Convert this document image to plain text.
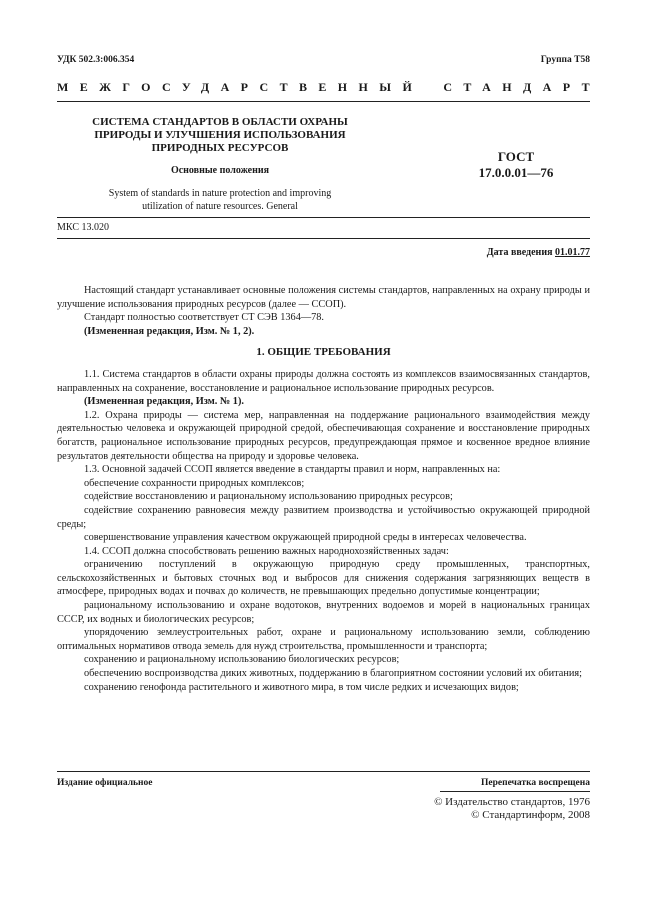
УДК 502.3:006.354	Группа Т58
МЕЖГОСУДАРСТВЕННЫЙ СТАНДАРТ
СИСТЕМА СТАНДАРТОВ В ОБЛАСТИ ОХРАНЫ
ПРИРОДЫ И УЛУЧШЕНИЯ ИСПОЛЬЗОВАНИЯ
ПРИРОДНЫХ РЕСУРСОВ
Основные положения
System of standards in nature protection and improving
utilization of nature resources. General
ГОСТ
17.0.0.01—76
МКС 13.020
Дата введения 01.01.77

Настоящий стандарт устанавливает основные положения системы стандартов, направленных на охрану природы и улучшение использования природных ресурсов (далее — ССОП).

Стандарт полностью соответствует СТ СЭВ 1364—78.

(Измененная редакция, Изм. № 1, 2).

1. ОБЩИЕ ТРЕБОВАНИЯ

1.1. Система стандартов в области охраны природы должна состоять из комплексов взаимосвязанных стандартов, направленных на сохранение, восстановление и рациональное использование природных ресурсов.

(Измененная редакция, Изм. № 1).

1.2. Охрана природы — система мер, направленная на поддержание рационального взаимодействия между деятельностью человека и окружающей природной средой, обеспечивающая сохранение и восстановление природных богатств, рациональное использование природных ресурсов, предупреждающая прямое и косвенное вредное влияние результатов деятельности общества на природу и здоровье человека.

1.3. Основной задачей ССОП является введение в стандарты правил и норм, направленных на:

обеспечение сохранности природных комплексов;

содействие восстановлению и рациональному использованию природных ресурсов;

содействие сохранению равновесия между развитием производства и устойчивостью окружающей природной среды;

совершенствование управления качеством окружающей природной среды в интересах человечества.

1.4. ССОП должна способствовать решению важных народнохозяйственных задач:

ограничению поступлений в окружающую природную среду промышленных, транспортных, сельскохозяйственных и бытовых сточных вод и выбросов для снижения содержания загрязняющих веществ в атмосфере, природных водах и почвах до количеств, не превышающих предельно допустимые концентрации;

рациональному использованию и охране водотоков, внутренних водоемов и морей в национальных границах СССР, их водных и биологических ресурсов;

упорядочению землеустроительных работ, охране и рациональному использованию земли, соблюдению оптимальных нормативов отвода земель для нужд строительства, промышленности и транспорта;

сохранению и рациональному использованию биологических ресурсов;

обеспечению воспроизводства диких животных, поддержанию в благоприятном состоянии условий их обитания;

сохранению генофонда растительного и животного мира, в том числе редких и исчезающих видов;

Издание официальное	Перепечатка воспрещена
© Издательство стандартов, 1976
© Стандартинформ, 2008
